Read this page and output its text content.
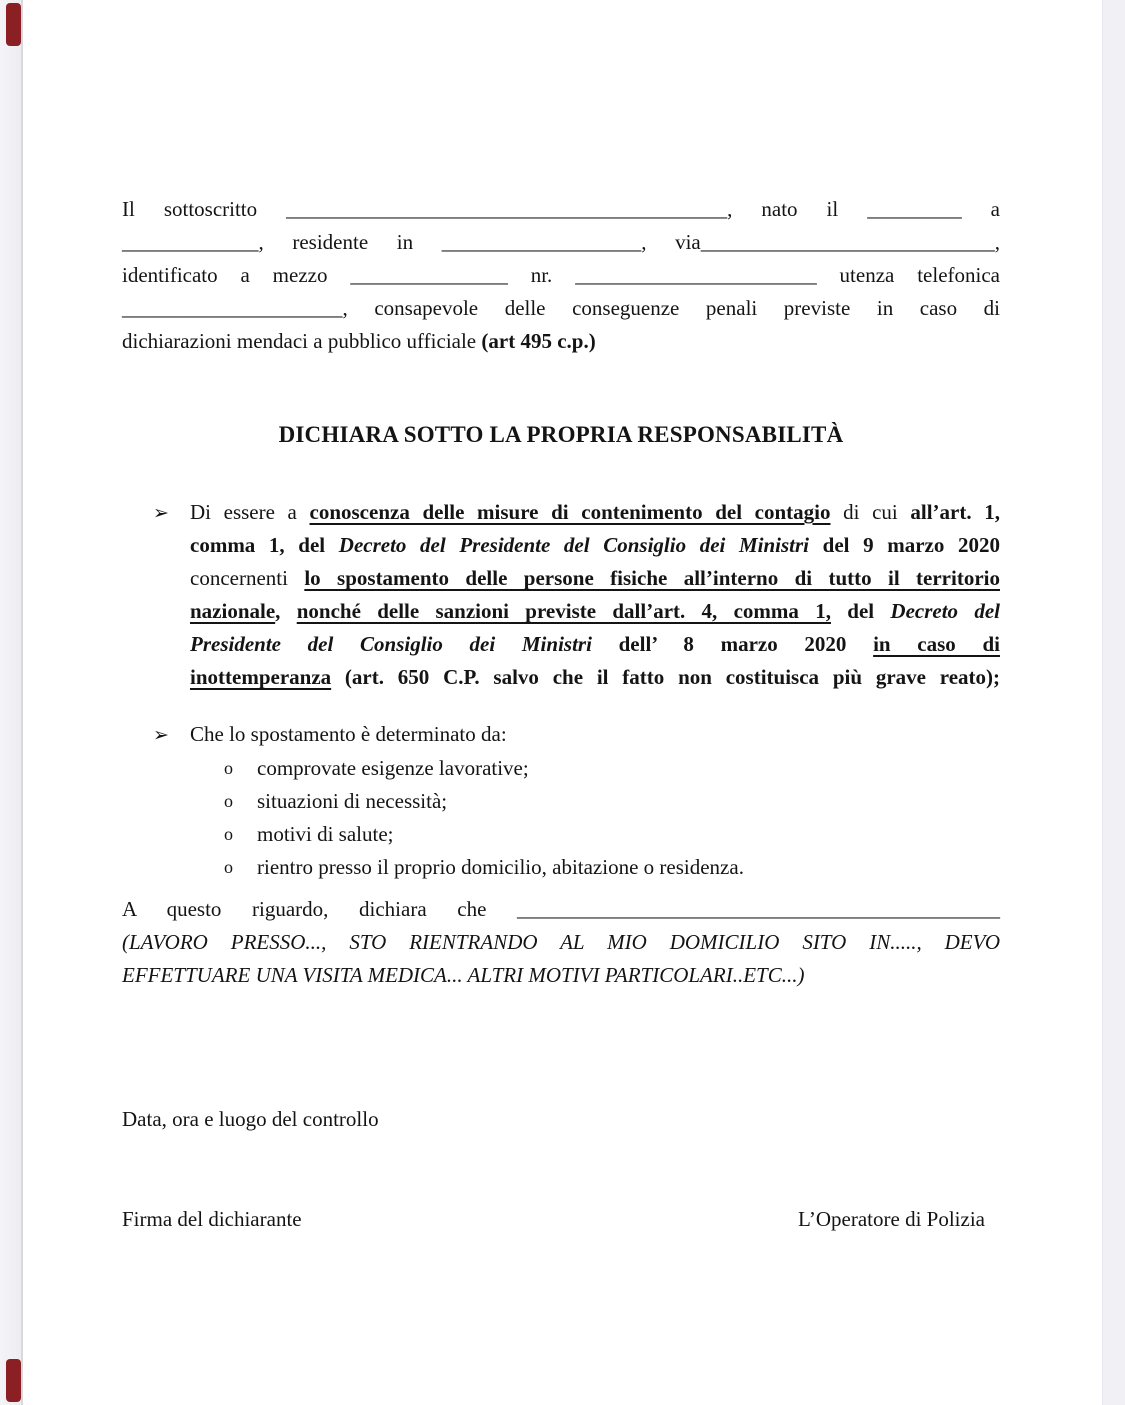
Il sottoscritto __________________________________________, nato il _________ a
_____________, residente in ___________________, via____________________________,
identificato a mezzo _______________ nr. _______________________ utenza telefonica
_____________________, consapevole delle conseguenze penali previste in caso di
dichiarazioni mendaci a pubblico ufficiale (art 495 c.p.)
DICHIARA SOTTO LA PROPRIA RESPONSABILITÀ
➢ Di essere a conoscenza delle misure di contenimento del contagio di cui all’art. 1,
comma 1, del Decreto del Presidente del Consiglio dei Ministri del 9 marzo 2020
concernenti lo spostamento delle persone fisiche all’interno di tutto il territorio
nazionale, nonché delle sanzioni previste dall’art. 4, comma 1, del Decreto del
Presidente del Consiglio dei Ministri dell’ 8 marzo 2020 in caso di
inottemperanza (art. 650 C.P. salvo che il fatto non costituisca più grave reato);
➢ Che lo spostamento è determinato da:
o comprovate esigenze lavorative;
o situazioni di necessità;
o motivi di salute;
o rientro presso il proprio domicilio, abitazione o residenza.
A questo riguardo, dichiara che ______________________________________________
(LAVORO PRESSO..., STO RIENTRANDO AL MIO DOMICILIO SITO IN....., DEVO
EFFETTUARE UNA VISITA MEDICA... ALTRI MOTIVI PARTICOLARI..ETC...)
Data, ora e luogo del controllo
Firma del dichiarante	L’Operatore di Polizia
